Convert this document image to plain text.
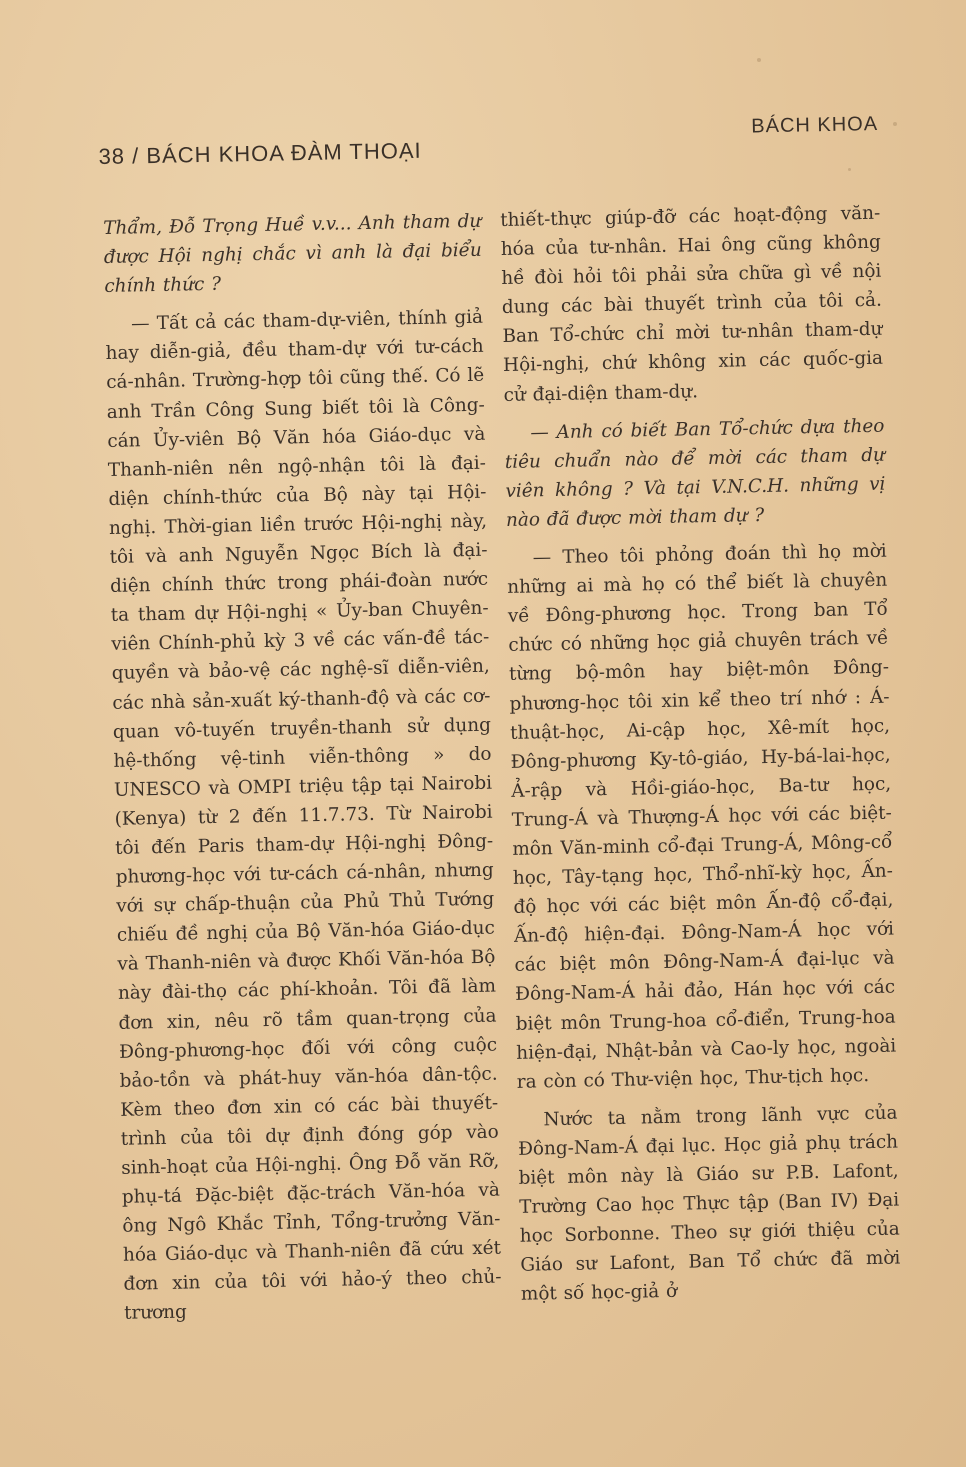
38 / BÁCH KHOA ĐÀM THOẠI
BÁCH KHOA

Thẩm, Đỗ Trọng Huề v.v... Anh tham dự được Hội nghị chắc vì anh là đại biểu chính thức ?

— Tất cả các tham-dự-viên, thính giả hay diễn-giả, đều tham-dự với tư-cách cá-nhân. Trường-hợp tôi cũng thế. Có lẽ anh Trần Công Sung biết tôi là Công-cán Ủy-viên Bộ Văn hóa Giáo-dục và Thanh-niên nên ngộ-nhận tôi là đại-diện chính-thức của Bộ này tại Hội-nghị. Thời-gian liền trước Hội-nghị này, tôi và anh Nguyễn Ngọc Bích là đại-diện chính thức trong phái-đoàn nước ta tham dự Hội-nghị « Ủy-ban Chuyên-viên Chính-phủ kỳ 3 về các vấn-đề tác-quyền và bảo-vệ các nghệ-sĩ diễn-viên, các nhà sản-xuất ký-thanh-độ và các cơ-quan vô-tuyến truyền-thanh sử dụng hệ-thống vệ-tinh viễn-thông » do UNESCO và OMPI triệu tập tại Nairobi (Kenya) từ 2 đến 11.7.73. Từ Nairobi tôi đến Paris tham-dự Hội-nghị Đông-phương-học với tư-cách cá-nhân, nhưng với sự chấp-thuận của Phủ Thủ Tướng chiếu đề nghị của Bộ Văn-hóa Giáo-dục và Thanh-niên và được Khối Văn-hóa Bộ này đài-thọ các phí-khoản. Tôi đã làm đơn xin, nêu rõ tầm quan-trọng của Đông-phương-học đối với công cuộc bảo-tồn và phát-huy văn-hóa dân-tộc. Kèm theo đơn xin có các bài thuyết-trình của tôi dự định đóng góp vào sinh-hoạt của Hội-nghị. Ông Đỗ văn Rỡ, phụ-tá Đặc-biệt đặc-trách Văn-hóa và ông Ngô Khắc Tỉnh, Tổng-trưởng Văn-hóa Giáo-dục và Thanh-niên đã cứu xét đơn xin của tôi với hảo-ý theo chủ-trương

thiết-thực giúp-đỡ các hoạt-động văn-hóa của tư-nhân. Hai ông cũng không hề đòi hỏi tôi phải sửa chữa gì về nội dung các bài thuyết trình của tôi cả. Ban Tổ-chức chỉ mời tư-nhân tham-dự Hội-nghị, chứ không xin các quốc-gia cử đại-diện tham-dự.

— Anh có biết Ban Tổ-chức dựa theo tiêu chuẩn nào để mời các tham dự viên không ? Và tại V.N.C.H. những vị nào đã được mời tham dự ?

— Theo tôi phỏng đoán thì họ mời những ai mà họ có thể biết là chuyên về Đông-phương học. Trong ban Tổ chức có những học giả chuyên trách về từng bộ-môn hay biệt-môn Đông-phương-học tôi xin kể theo trí nhớ : Á-thuật-học, Ai-cập học, Xê-mít học, Đông-phương Ky-tô-giáo, Hy-bá-lai-học, Ả-rập và Hồi-giáo-học, Ba-tư học, Trung-Á và Thượng-Á học với các biệt-môn Văn-minh cổ-đại Trung-Á, Mông-cổ học, Tây-tạng học, Thổ-nhĩ-kỳ học, Ấn-độ học với các biệt môn Ấn-độ cổ-đại, Ấn-độ hiện-đại. Đông-Nam-Á học với các biệt môn Đông-Nam-Á đại-lục và Đông-Nam-Á hải đảo, Hán học với các biệt môn Trung-hoa cổ-điển, Trung-hoa hiện-đại, Nhật-bản và Cao-ly học, ngoài ra còn có Thư-viện học, Thư-tịch học.

Nước ta nằm trong lãnh vực của Đông-Nam-Á đại lục. Học giả phụ trách biệt môn này là Giáo sư P.B. Lafont, Trường Cao học Thực tập (Ban IV) Đại học Sorbonne. Theo sự giới thiệu của Giáo sư Lafont, Ban Tổ chức đã mời một số học-giả ở
